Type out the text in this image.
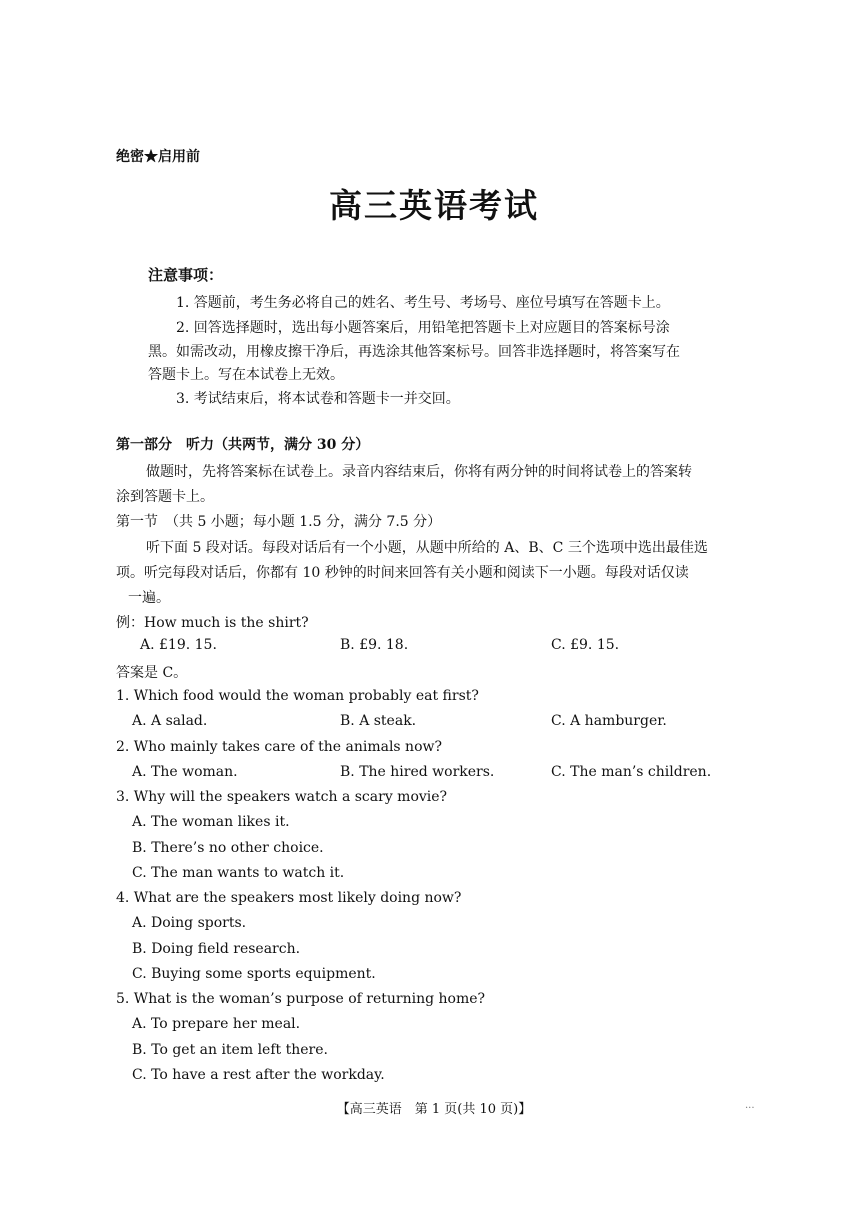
绝密★启用前
高三英语考试
注意事项：
1. 答题前，考生务必将自己的姓名、考生号、考场号、座位号填写在答题卡上。
2. 回答选择题时，选出每小题答案后，用铅笔把答题卡上对应题目的答案标号涂
黑。如需改动，用橡皮擦干净后，再选涂其他答案标号。回答非选择题时，将答案写在
答题卡上。写在本试卷上无效。
3. 考试结束后，将本试卷和答题卡一并交回。
第一部分　听力（共两节，满分 30 分）
做题时，先将答案标在试卷上。录音内容结束后，你将有两分钟的时间将试卷上的答案转
涂到答题卡上。
第一节　（共 5 小题；每小题 1.5 分，满分 7.5 分）
听下面 5 段对话。每段对话后有一个小题，从题中所给的 A、B、C 三个选项中选出最佳选
项。听完每段对话后，你都有 10 秒钟的时间来回答有关小题和阅读下一小题。每段对话仅读
一遍。
例：How much is the shirt?
A. £19. 15.	B. £9. 18.	C. £9. 15.
答案是 C。
1. Which food would the woman probably eat first?
A. A salad.	B. A steak.	C. A hamburger.
2. Who mainly takes care of the animals now?
A. The woman.	B. The hired workers.	C. The man’s children.
3. Why will the speakers watch a scary movie?
A. The woman likes it.
B. There’s no other choice.
C. The man wants to watch it.
4. What are the speakers most likely doing now?
A. Doing sports.
B. Doing field research.
C. Buying some sports equipment.
5. What is the woman’s purpose of returning home?
A. To prepare her meal.
B. To get an item left there.
C. To have a rest after the workday.
【高三英语　第 1 页(共 10 页)】	...
